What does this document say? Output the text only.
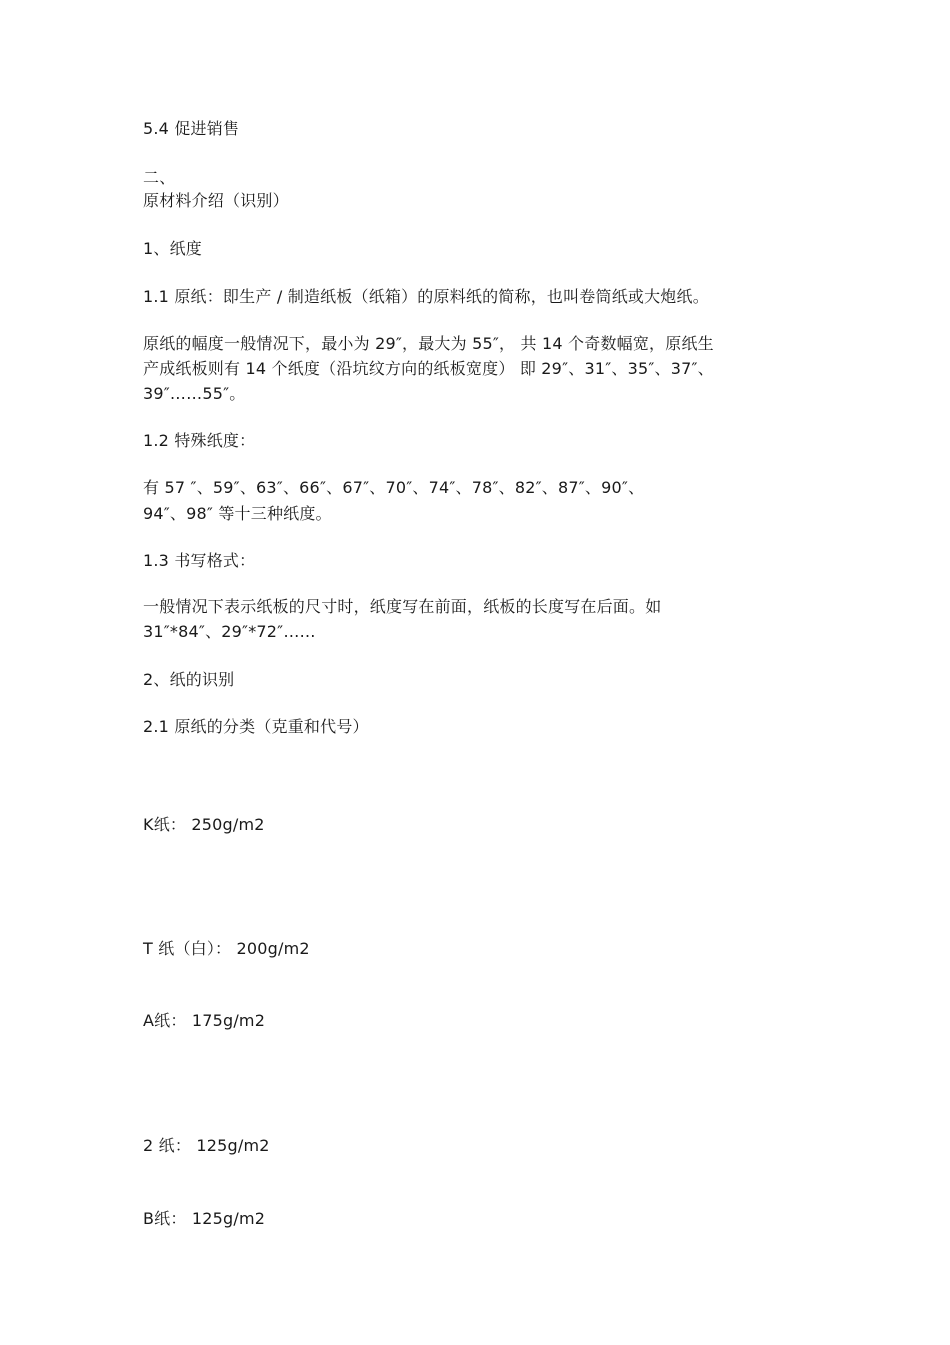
5.4 促进销售
二、
原材料介绍（识别）
1、纸度
1.1 原纸：即生产 / 制造纸板（纸箱）的原料纸的简称，也叫卷筒纸或大炮纸。
原纸的幅度一般情况下，最小为 29″，最大为 55″， 共 14 个奇数幅宽，原纸生
产成纸板则有 14 个纸度（沿坑纹方向的纸板宽度） 即 29″、31″、35″、37″、
39″……55″。
1.2 特殊纸度：
有 57 ″、59″、63″、66″、67″、70″、74″、78″、82″、87″、90″、
94″、98″ 等十三种纸度。
1.3 书写格式：
一般情况下表示纸板的尺寸时，纸度写在前面，纸板的长度写在后面。如
31″*84″、29″*72″……
2、纸的识别
2.1 原纸的分类（克重和代号）
K纸： 250g/m2
T 纸（白）： 200g/m2
A纸： 175g/m2
2 纸： 125g/m2
B纸： 125g/m2
